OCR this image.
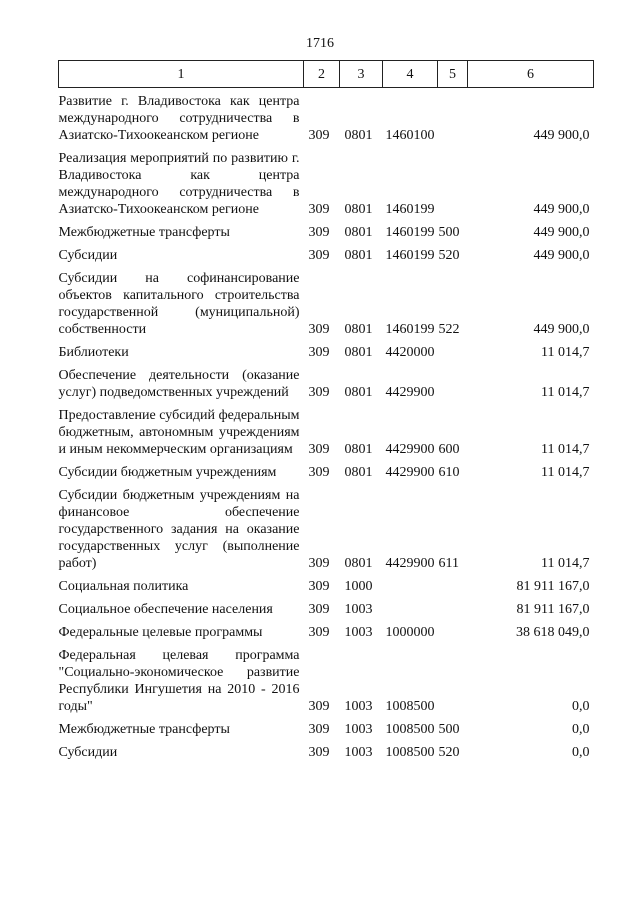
1716
1	2	3	4	5	6
Развитие г. Владивостока как центра международного сотрудничества в Азиатско-Тихоокеанском регионе	309	0801	1460100		449 900,0
Реализация мероприятий по развитию г. Владивостока как центра международного сотрудничества в Азиатско-Тихоокеанском регионе	309	0801	1460199		449 900,0
Межбюджетные трансферты	309	0801	1460199	500	449 900,0
Субсидии	309	0801	1460199	520	449 900,0
Субсидии на софинансирование объектов капитального строительства государственной (муниципальной) собственности	309	0801	1460199	522	449 900,0
Библиотеки	309	0801	4420000		11 014,7
Обеспечение деятельности (оказание услуг) подведомственных учреждений	309	0801	4429900		11 014,7
Предоставление субсидий федеральным бюджетным, автономным учреждениям и иным некоммерческим организациям	309	0801	4429900	600	11 014,7
Субсидии бюджетным учреждениям	309	0801	4429900	610	11 014,7
Субсидии бюджетным учреждениям на финансовое обеспечение государственного задания на оказание государственных услуг (выполнение работ)	309	0801	4429900	611	11 014,7
Социальная политика	309	1000			81 911 167,0
Социальное обеспечение населения	309	1003			81 911 167,0
Федеральные целевые программы	309	1003	1000000		38 618 049,0
Федеральная целевая программа "Социально-экономическое развитие Республики Ингушетия на 2010 - 2016 годы"	309	1003	1008500		0,0
Межбюджетные трансферты	309	1003	1008500	500	0,0
Субсидии	309	1003	1008500	520	0,0
